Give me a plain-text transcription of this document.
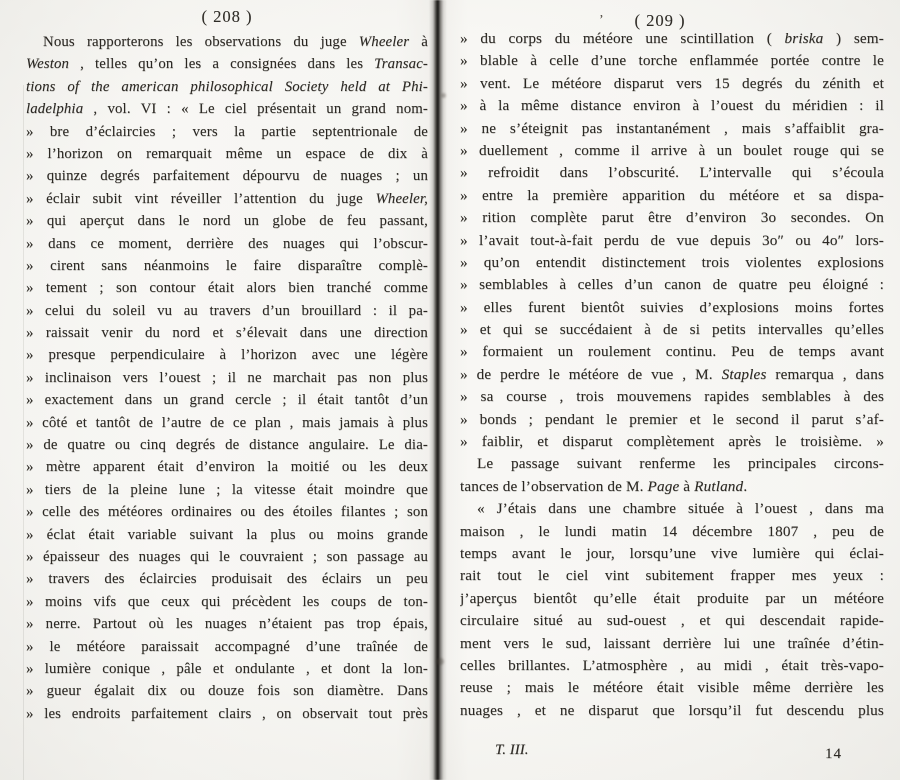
( 208 )
Nous rapporterons les observations du juge Wheeler à
Weston , telles qu’on les a consignées dans les Transac-
tions of the american philosophical Society held at Phi-
ladelphia , vol. VI : « Le ciel présentait un grand nom-
» bre d’éclaircies ; vers la partie septentrionale de
» l’horizon on remarquait même un espace de dix à
» quinze degrés parfaitement dépourvu de nuages ; un
» éclair subit vint réveiller l’attention du juge Wheeler,
» qui aperçut dans le nord un globe de feu passant,
» dans ce moment, derrière des nuages qui l’obscur-
» cirent sans néanmoins le faire disparaître complè-
» tement ; son contour était alors bien tranché comme
» celui du soleil vu au travers d’un brouillard : il pa-
» raissait venir du nord et s’élevait dans une direction
» presque perpendiculaire à l’horizon avec une légère
» inclinaison vers l’ouest ; il ne marchait pas non plus
» exactement dans un grand cercle ; il était tantôt d’un
» côté et tantôt de l’autre de ce plan , mais jamais à plus
» de quatre ou cinq degrés de distance angulaire. Le dia-
» mètre apparent était d’environ la moitié ou les deux
» tiers de la pleine lune ; la vitesse était moindre que
» celle des météores ordinaires ou des étoiles filantes ; son
» éclat était variable suivant la plus ou moins grande
» épaisseur des nuages qui le couvraient ; son passage au
» travers des éclaircies produisait des éclairs un peu
» moins vifs que ceux qui précèdent les coups de ton-
» nerre. Partout où les nuages n’étaient pas trop épais,
» le météore paraissait accompagné d’une traînée de
» lumière conique , pâle et ondulante , et dont la lon-
» gueur égalait dix ou douze fois son diamètre. Dans
» les endroits parfaitement clairs , on observait tout près
’	( 209 )
» du corps du météore une scintillation ( briska ) sem-
» blable à celle d’une torche enflammée portée contre le
» vent. Le météore disparut vers 15 degrés du zénith et
» à la même distance environ à l’ouest du méridien : il
» ne s’éteignit pas instantanément , mais s’affaiblit gra-
» duellement , comme il arrive à un boulet rouge qui se
» refroidit dans l’obscurité. L’intervalle qui s’écoula
» entre la première apparition du météore et sa dispa-
» rition complète parut être d’environ 3o secondes. On
» l’avait tout-à-fait perdu de vue depuis 3o″ ou 4o″ lors-
» qu’on entendit distinctement trois violentes explosions
» semblables à celles d’un canon de quatre peu éloigné :
» elles furent bientôt suivies d’explosions moins fortes
» et qui se succédaient à de si petits intervalles qu’elles
» formaient un roulement continu. Peu de temps avant
» de perdre le météore de vue , M. Staples remarqua , dans
» sa course , trois mouvemens rapides semblables à des
» bonds ; pendant le premier et le second il parut s’af-
» faiblir, et disparut complètement après le troisième. »
Le passage suivant renferme les principales circons-
tances de l’observation de M. Page à Rutland.
« J’étais dans une chambre située à l’ouest , dans ma
maison , le lundi matin 14 décembre 1807 , peu de
temps avant le jour, lorsqu’une vive lumière qui éclai-
rait tout le ciel vint subitement frapper mes yeux :
j’aperçus bientôt qu’elle était produite par un météore
circulaire situé au sud-ouest , et qui descendait rapide-
ment vers le sud, laissant derrière lui une traînée d’étin-
celles brillantes. L’atmosphère , au midi , était très-vapo-
reuse ; mais le météore était visible même derrière les
nuages , et ne disparut que lorsqu’il fut descendu plus
T. III.	14
